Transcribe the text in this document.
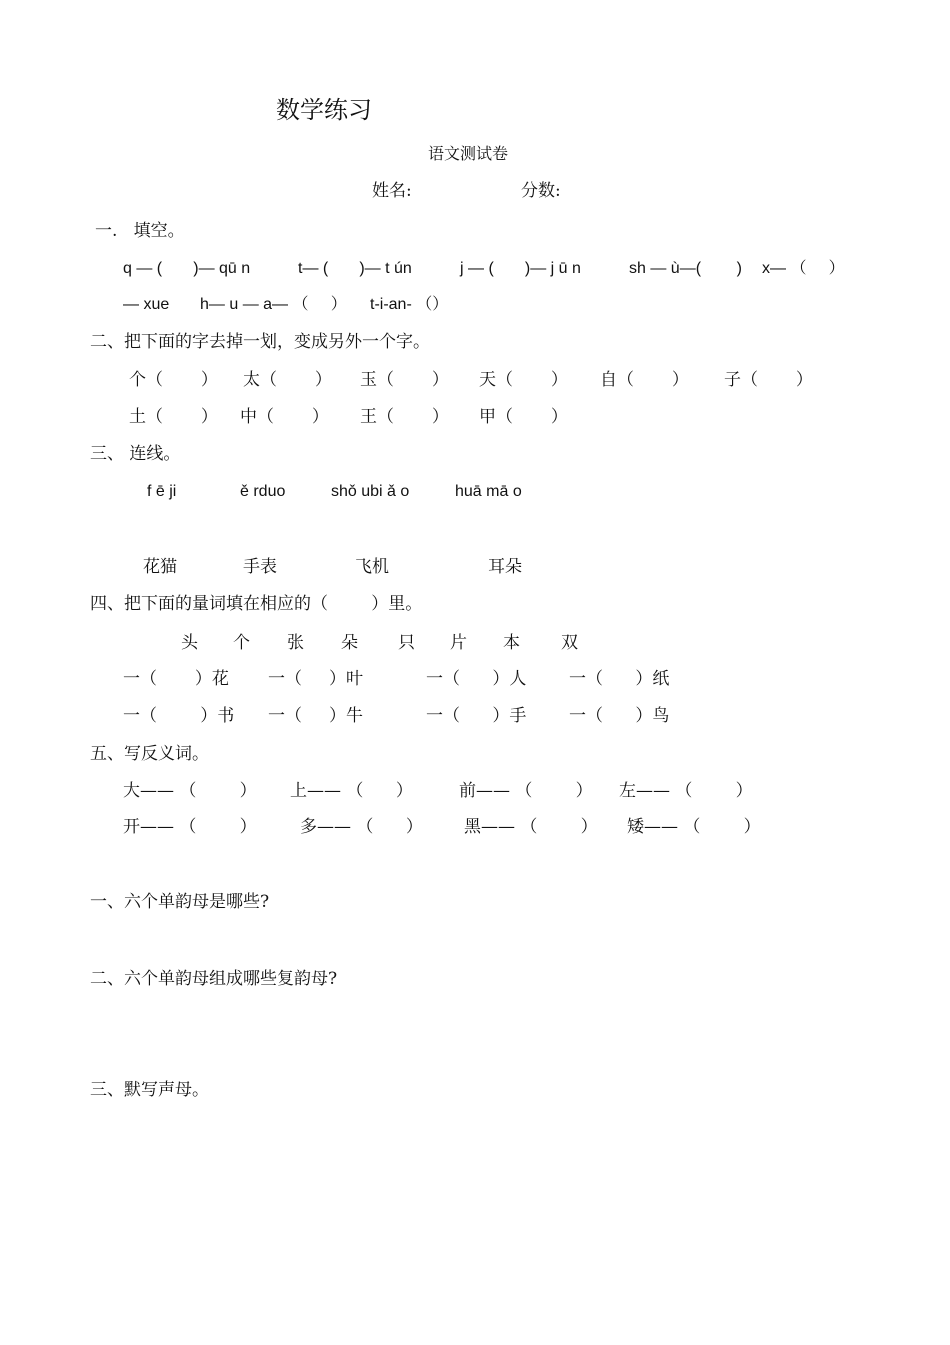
数学练习
语文测试卷
姓名:	分数:
一.   填空。
q — (       )— qū n	t— (       )— t ún	j — (       )— j ū n	sh — ù—(        ) x— （     ）
— xue h— u — a— （     ） t-i-an- （）
二、把下面的字去掉一划，变成另外一个字。
个（       ） 太（       ） 玉（       ） 天（       ） 自（       ） 子（       ）
土（       ） 中（       ） 王（       ） 甲（       ）
三、 连线。
f ē ji	ě rduo	shǒ ubi ǎ o	huā mā o
花猫	手表	飞机	耳朵
四、把下面的量词填在相应的（        ）里。
头 个 张 朵 只 片 本 双
一（       ）花 一（     ）叶	一（      ）人	一（      ）纸
一（        ）书 一（     ）牛	一（      ）手	一（      ）鸟
五、写反义词。
大—— （        ） 上—— （      ）	前—— （        ） 左—— （        ）
开—— （        ）	多—— （      ） 黑—— （        ） 矮—— （        ）
一、六个单韵母是哪些?
二、六个单韵母组成哪些复韵母?
三、默写声母。
